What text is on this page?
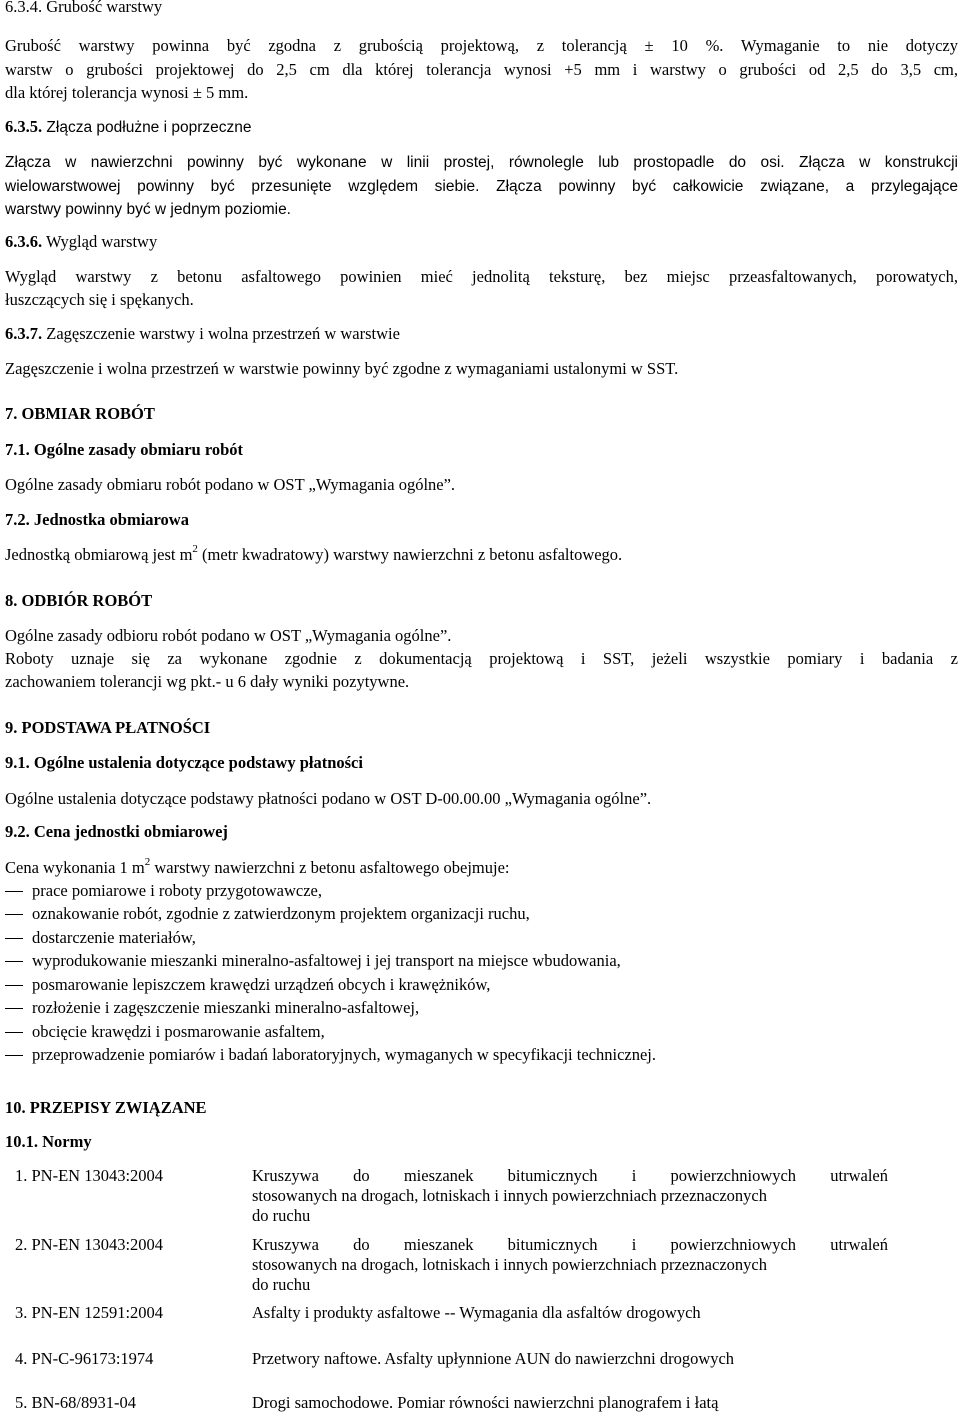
6.3.4. Grubość warstwy
Grubość warstwy powinna być zgodna z grubością projektową, z tolerancją ± 10 %. Wymaganie to nie dotyczy
warstw o grubości projektowej do 2,5 cm dla której tolerancja wynosi +5 mm i warstwy o grubości od 2,5 do 3,5 cm,
dla której tolerancja wynosi ± 5 mm.
6.3.5. Złącza podłużne i poprzeczne
Złącza w nawierzchni powinny być wykonane w linii prostej, równolegle lub prostopadle do osi. Złącza w konstrukcji
wielowarstwowej powinny być przesunięte względem siebie. Złącza powinny być całkowicie związane, a przylegające
warstwy powinny być w jednym poziomie.
6.3.6. Wygląd warstwy
Wygląd warstwy z betonu asfaltowego powinien mieć jednolitą teksturę, bez miejsc przeasfaltowanych, porowatych,
łuszczących się i spękanych.
6.3.7. Zagęszczenie warstwy i wolna przestrzeń w warstwie
Zagęszczenie i wolna przestrzeń w warstwie powinny być zgodne z wymaganiami ustalonymi w SST.
7. OBMIAR ROBÓT
7.1. Ogólne zasady obmiaru robót
Ogólne zasady obmiaru robót podano w OST „Wymagania ogólne”.
7.2. Jednostka obmiarowa
Jednostką obmiarową jest $m^2$ (metr kwadratowy) warstwy nawierzchni z betonu asfaltowego.
8. ODBIÓR ROBÓT
Ogólne zasady odbioru robót podano w OST „Wymagania ogólne”.
Roboty uznaje się za wykonane zgodnie z dokumentacją projektową i SST, jeżeli wszystkie pomiary i badania z
zachowaniem tolerancji wg pkt.- u 6 dały wyniki pozytywne.
9. PODSTAWA PŁATNOŚCI
9.1. Ogólne ustalenia dotyczące podstawy płatności
Ogólne ustalenia dotyczące podstawy płatności podano w OST D-00.00.00 „Wymagania ogólne”.
9.2. Cena jednostki obmiarowej
Cena wykonania 1 $m^2$ warstwy nawierzchni z betonu asfaltowego obejmuje:
prace pomiarowe i roboty przygotowawcze,
oznakowanie robót, zgodnie z zatwierdzonym projektem organizacji ruchu,
dostarczenie materiałów,
wyprodukowanie mieszanki mineralno-asfaltowej i jej transport na miejsce wbudowania,
posmarowanie lepiszczem krawędzi urządzeń obcych i krawężników,
rozłożenie i zagęszczenie mieszanki mineralno-asfaltowej,
obcięcie krawędzi i posmarowanie asfaltem,
przeprowadzenie pomiarów i badań laboratoryjnych, wymaganych w specyfikacji technicznej.
10. PRZEPISY ZWIĄZANE
10.1. Normy
1. PN-EN 13043:2004	Kruszywa do mieszanek bitumicznych i powierzchniowych utrwaleń
stosowanych na drogach, lotniskach i innych powierzchniach przeznaczonych
do ruchu
2. PN-EN 13043:2004	Kruszywa do mieszanek bitumicznych i powierzchniowych utrwaleń
stosowanych na drogach, lotniskach i innych powierzchniach przeznaczonych
do ruchu
3. PN-EN 12591:2004	Asfalty i produkty asfaltowe -- Wymagania dla asfaltów drogowych
4. PN-C-96173:1974	Przetwory naftowe. Asfalty upłynnione AUN do nawierzchni drogowych
5. BN-68/8931-04	Drogi samochodowe. Pomiar równości nawierzchni planografem i łatą
